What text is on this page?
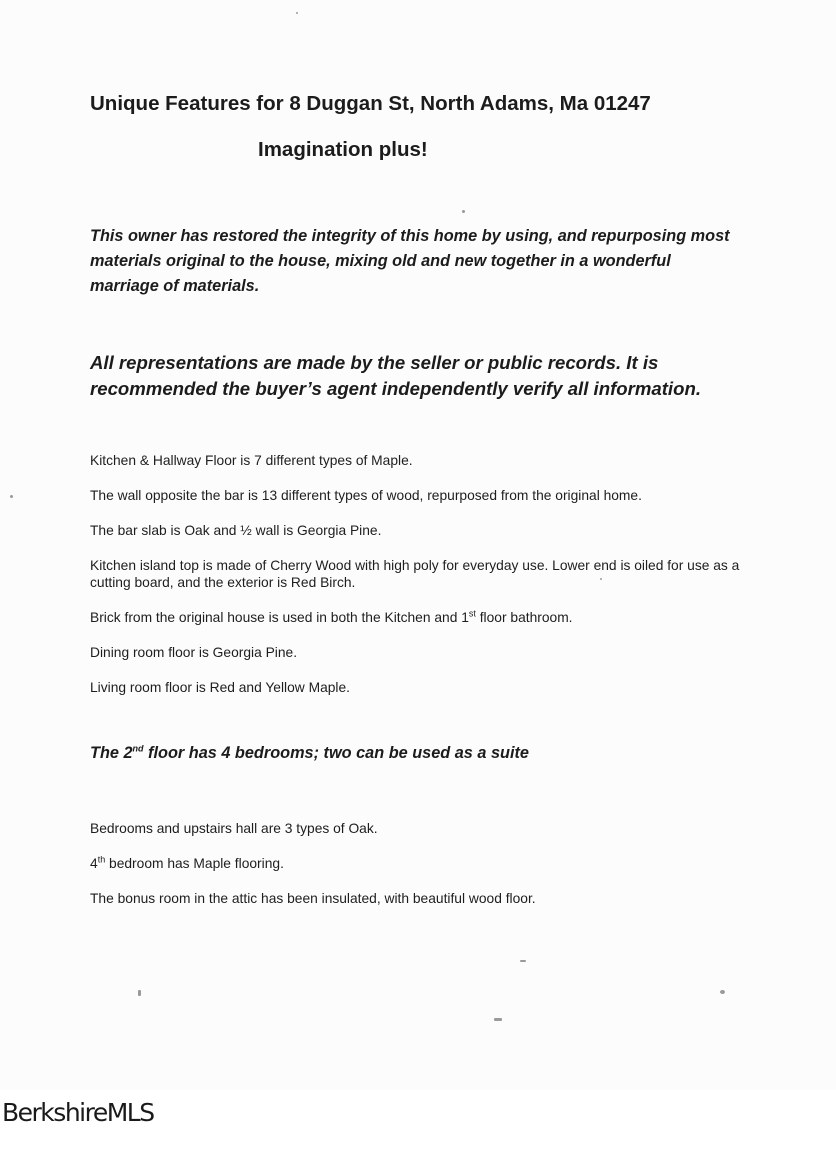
Unique Features for 8 Duggan St, North Adams, Ma 01247
Imagination plus!
This owner has restored the integrity of this home by using, and repurposing most materials original to the house, mixing old and new together in a wonderful marriage of materials.
All representations are made by the seller or public records. It is recommended the buyer’s agent independently verify all information.
Kitchen & Hallway Floor is 7 different types of Maple.
The wall opposite the bar is 13 different types of wood, repurposed from the original home.
The bar slab is Oak and ½ wall is Georgia Pine.
Kitchen island top is made of Cherry Wood with high poly for everyday use. Lower end is oiled for use as a cutting board, and the exterior is Red Birch.
Brick from the original house is used in both the Kitchen and 1st floor bathroom.
Dining room floor is Georgia Pine.
Living room floor is Red and Yellow Maple.
The 2nd floor has 4 bedrooms; two can be used as a suite
Bedrooms and upstairs hall are 3 types of Oak.
4th bedroom has Maple flooring.
The bonus room in the attic has been insulated, with beautiful wood floor.
BerkshireMLS
